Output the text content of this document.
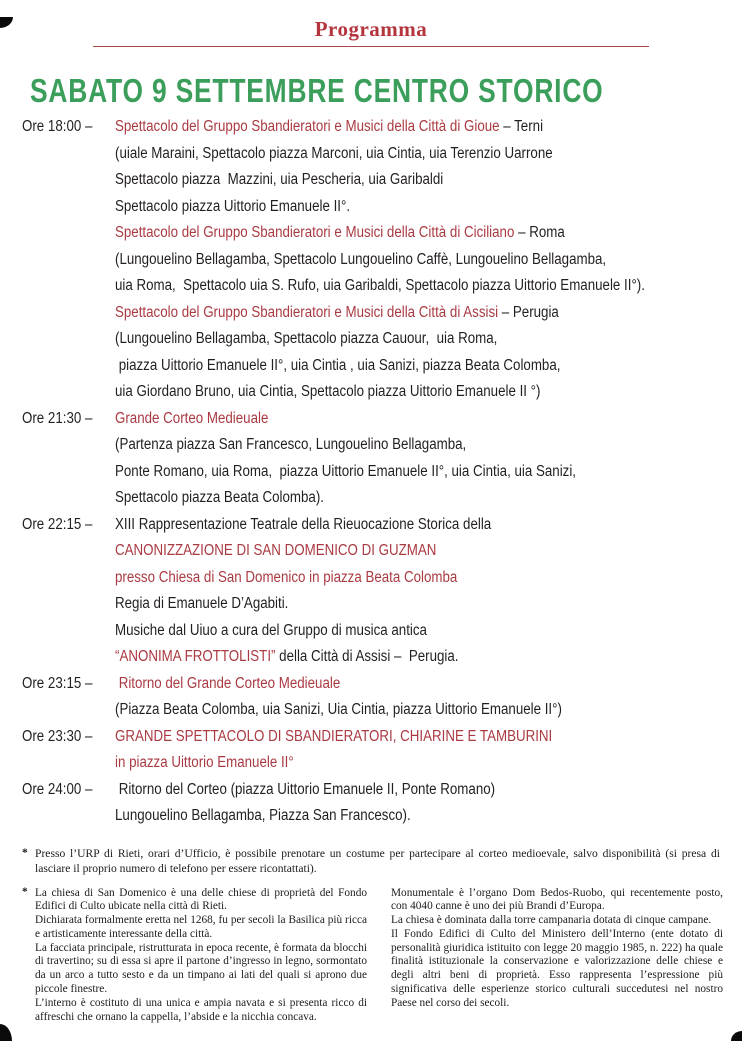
Programma
SABATO 9 SETTEMBRE CENTRO STORICO
Ore 18:00 –	Spettacolo del Gruppo Sbandieratori e Musici della Città di Gioue – Terni
(uiale Maraini, Spettacolo piazza Marconi, uia Cintia, uia Terenzio Uarrone
Spettacolo piazza  Mazzini, uia Pescheria, uia Garibaldi
Spettacolo piazza Uittorio Emanuele II°.
Spettacolo del Gruppo Sbandieratori e Musici della Città di Ciciliano – Roma
(Lungouelino Bellagamba, Spettacolo Lungouelino Caffè, Lungouelino Bellagamba,
uia Roma,  Spettacolo uia S. Rufo, uia Garibaldi, Spettacolo piazza Uittorio Emanuele II°).
Spettacolo del Gruppo Sbandieratori e Musici della Città di Assisi – Perugia
(Lungouelino Bellagamba, Spettacolo piazza Cauour,  uia Roma,
piazza Uittorio Emanuele II°, uia Cintia , uia Sanizi, piazza Beata Colomba,
uia Giordano Bruno, uia Cintia, Spettacolo piazza Uittorio Emanuele II °)
Ore 21:30 –	Grande Corteo Medieuale
(Partenza piazza San Francesco, Lungouelino Bellagamba,
Ponte Romano, uia Roma,  piazza Uittorio Emanuele II°, uia Cintia, uia Sanizi,
Spettacolo piazza Beata Colomba).
Ore 22:15 –	XIII Rappresentazione Teatrale della Rieuocazione Storica della
CANONIZZAZIONE DI SAN DOMENICO DI GUZMAN
presso Chiesa di San Domenico in piazza Beata Colomba
Regia di Emanuele D’Agabiti.
Musiche dal Uiuo a cura del Gruppo di musica antica
“ANONIMA FROTTOLISTI” della Città di Assisi –  Perugia.
Ore 23:15 –	Ritorno del Grande Corteo Medieuale
(Piazza Beata Colomba, uia Sanizi, Uia Cintia, piazza Uittorio Emanuele II°)
Ore 23:30 –	GRANDE SPETTACOLO DI SBANDIERATORI, CHIARINE E TAMBURINI
in piazza Uittorio Emanuele II°
Ore 24:00 –	Ritorno del Corteo (piazza Uittorio Emanuele II, Ponte Romano)
Lungouelino Bellagamba, Piazza San Francesco).
* Presso l’URP di Rieti, orari d’Ufficio, è possibile prenotare un costume per partecipare al corteo medioevale, salvo disponibilità (si presa di lasciare il proprio numero di telefono per essere ricontattati).
* La chiesa di San Domenico è una delle chiese di proprietà del Fondo Edifici di Culto ubicate nella città di Rieti.

Dichiarata formalmente eretta nel 1268, fu per secoli la Basilica più ricca e artisticamente interessante della città.

La facciata principale, ristrutturata in epoca recente, è formata da blocchi di travertino; su di essa si apre il partone d’ingresso in legno, sormontato da un arco a tutto sesto e da un timpano ai lati del quali si aprono due piccole finestre.

L’interno è costituto di una unica e ampia navata e si presenta ricco di affreschi che ornano la cappella, l’abside e la nicchia concava.

Monumentale è l’organo Dom Bedos-Ruobo, qui recentemente posto, con 4040 canne è uno dei più Brandi d’Europa.

La chiesa è dominata dalla torre campanaria dotata di cinque campane.

Il Fondo Edifici di Culto del Ministero dell’Interno (ente dotato di personalità giuridica istituito con legge 20 maggio 1985, n. 222) ha quale finalità istituzionale la conservazione e valorizzazione delle chiese e degli altri beni di proprietà. Esso rappresenta l’espressione più significativa delle esperienze storico culturali succedutesi nel nostro Paese nel corso dei secoli.
